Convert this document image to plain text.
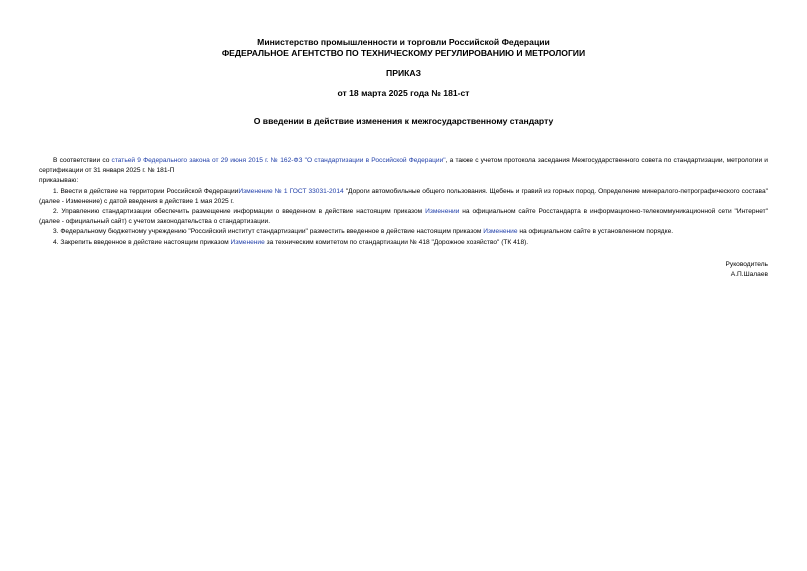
Министерство промышленности и торговли Российской Федерации
ФЕДЕРАЛЬНОЕ АГЕНТСТВО ПО ТЕХНИЧЕСКОМУ РЕГУЛИРОВАНИЮ И МЕТРОЛОГИИ
ПРИКАЗ
от 18 марта 2025 года № 181-ст
О введении в действие изменения к межгосударственному стандарту

В соответствии со статьей 9 Федерального закона от 29 июня 2015 г. № 162-ФЗ "О стандартизации в Российской Федерации", а также с учетом протокола заседания Межгосударственного совета по стандартизации, метрологии и сертификации от 31 января 2025 г. № 181-П

приказываю:

1. Ввести в действие на территории Российской ФедерацииИзменение № 1 ГОСТ 33031-2014 "Дороги автомобильные общего пользования. Щебень и гравий из горных пород. Определение минералого-петрографического состава" (далее - Изменение) с датой введения в действие 1 мая 2025 г.

2. Управлению стандартизации обеспечить размещение информации о введенном в действие настоящим приказом Изменении на официальном сайте Росстандарта в информационно-телекоммуникационной сети "Интернет" (далее - официальный сайт) с учетом законодательства о стандартизации.

3. Федеральному бюджетному учреждению "Российский институт стандартизации" разместить введенное в действие настоящим приказом Изменение на официальном сайте в установленном порядке.

4. Закрепить введенное в действие настоящим приказом Изменение за техническим комитетом по стандартизации № 418 "Дорожное хозяйство" (ТК 418).

Руководитель
А.П.Шалаев
